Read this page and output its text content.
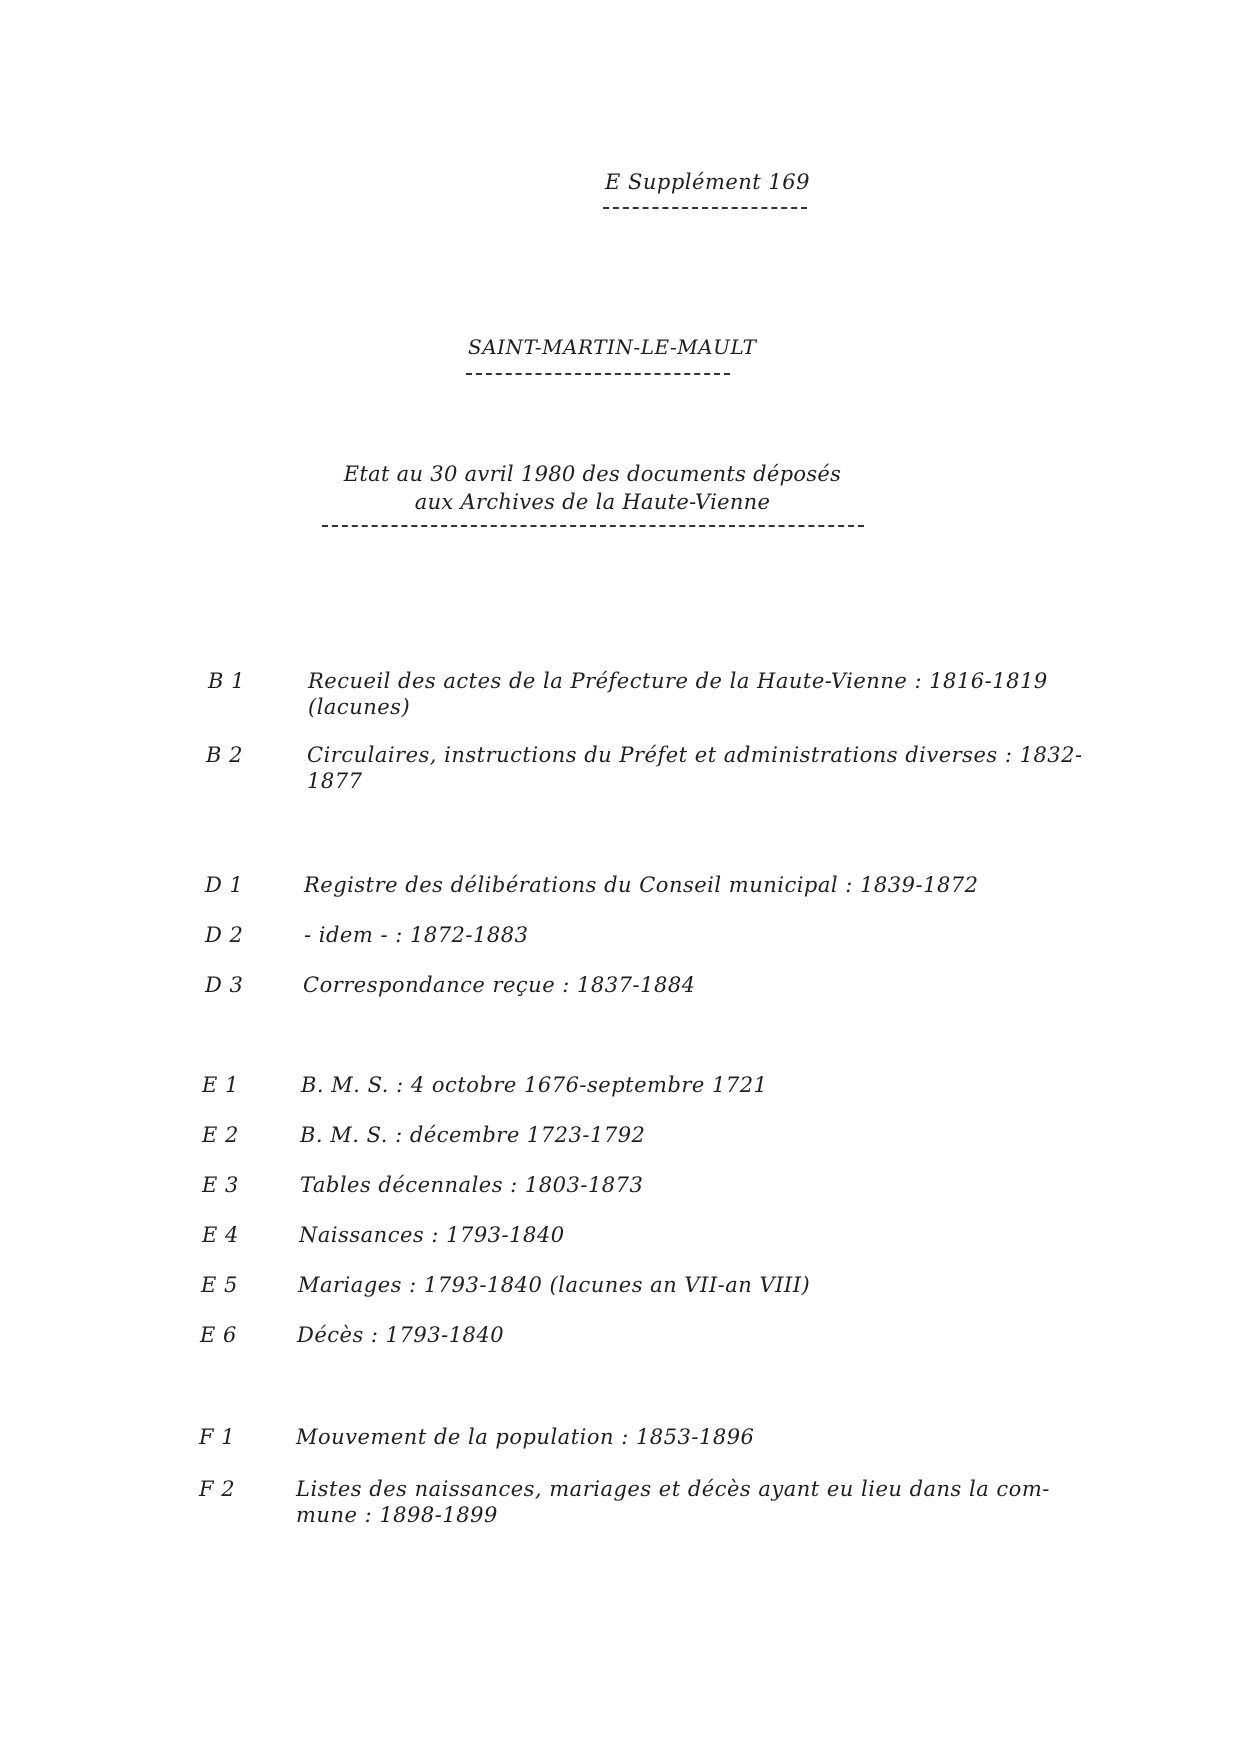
E Supplément 169
SAINT-MARTIN-LE-MAULT
Etat au 30 avril 1980 des documents déposés
aux Archives de la Haute-Vienne
B 1	Recueil des actes de la Préfecture de la Haute-Vienne : 1816-1819
(lacunes)
B 2	Circulaires, instructions du Préfet et administrations diverses : 1832-
1877
D 1	Registre des délibérations du Conseil municipal : 1839-1872
D 2	- idem - : 1872-1883
D 3	Correspondance reçue : 1837-1884
E 1	B. M. S. : 4 octobre 1676-septembre 1721
E 2	B. M. S. : décembre 1723-1792
E 3	Tables décennales : 1803-1873
E 4	Naissances : 1793-1840
E 5	Mariages : 1793-1840 (lacunes an VII-an VIII)
E 6	Décès : 1793-1840
F 1	Mouvement de la population : 1853-1896
F 2	Listes des naissances, mariages et décès ayant eu lieu dans la com-
mune : 1898-1899
